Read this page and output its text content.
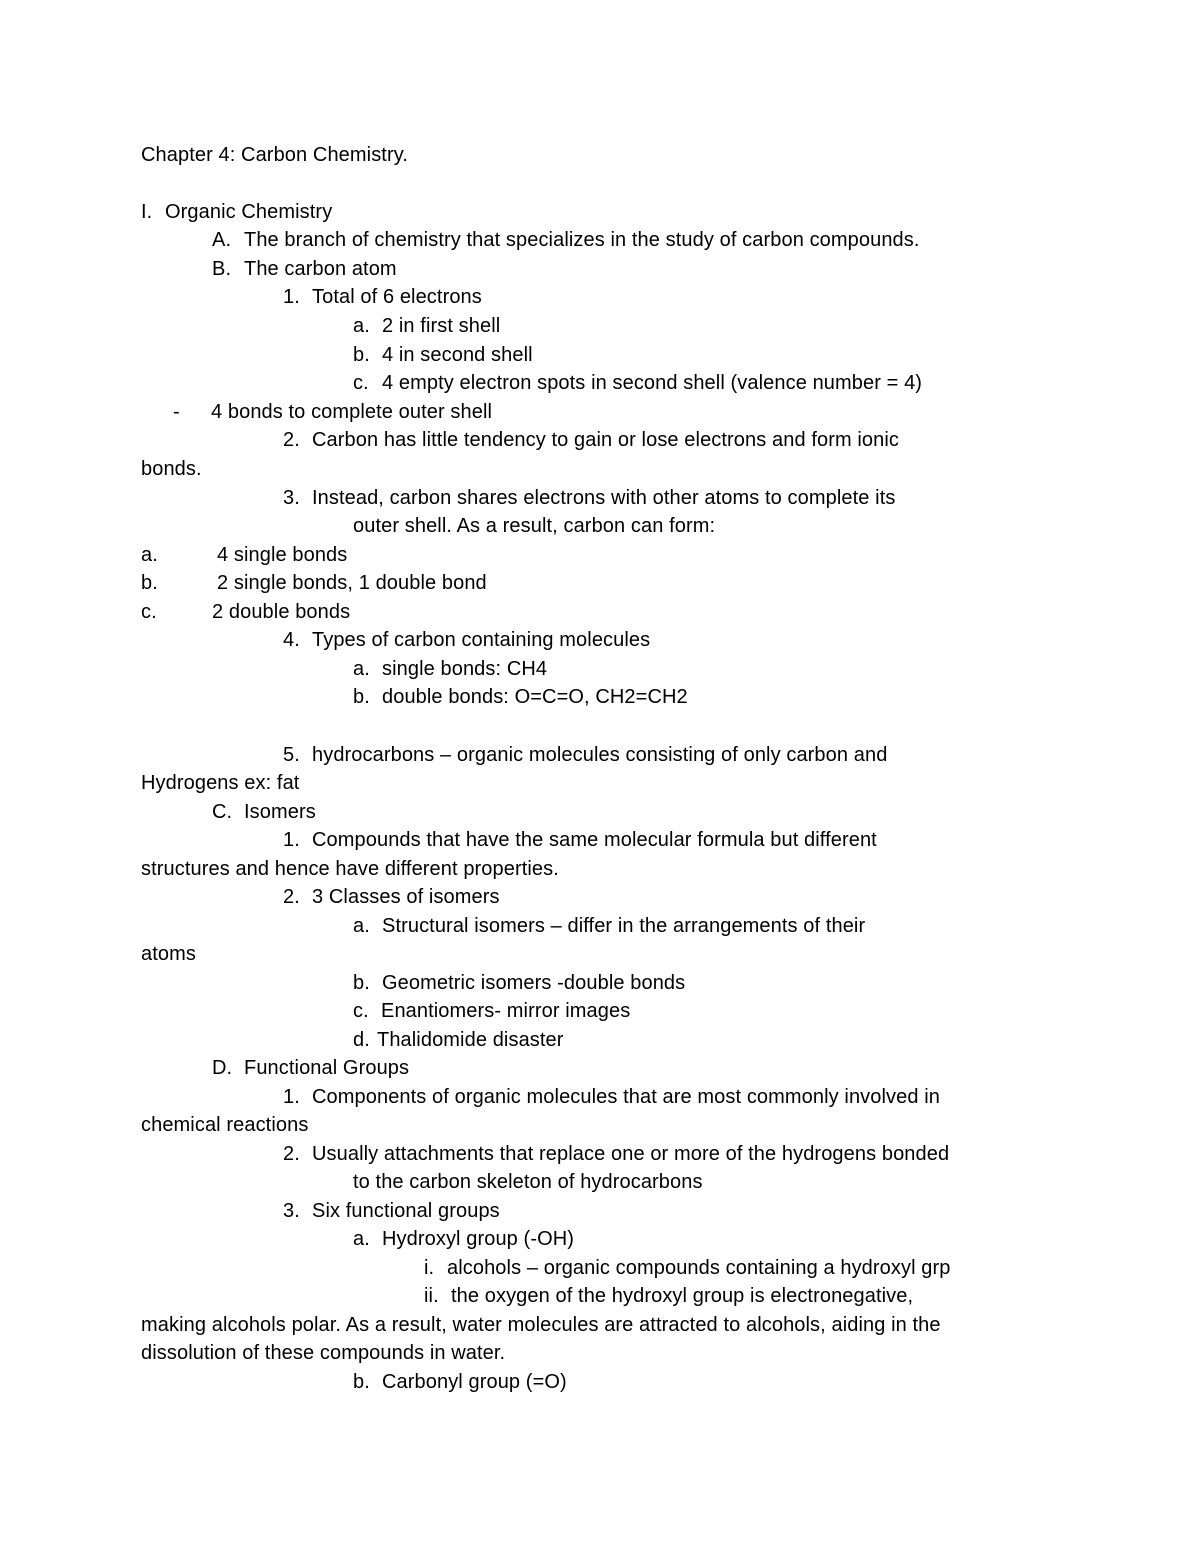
Chapter 4: Carbon Chemistry.
I. Organic Chemistry
A. The branch of chemistry that specializes in the study of carbon compounds.
B. The carbon atom
1. Total of 6 electrons
a. 2 in first shell
b. 4 in second shell
c. 4 empty electron spots in second shell (valence number = 4)
- 4 bonds to complete outer shell
2. Carbon has little tendency to gain or lose electrons and form ionic
bonds.
3. Instead, carbon shares electrons with other atoms to complete its
outer shell. As a result, carbon can form:
a.	4 single bonds
b.	2 single bonds, 1 double bond
c.	2 double bonds
4. Types of carbon containing molecules
a. single bonds: CH4
b. double bonds: O=C=O, CH2=CH2
5. hydrocarbons – organic molecules consisting of only carbon and
Hydrogens ex: fat
C. Isomers
1. Compounds that have the same molecular formula but different
structures and hence have different properties.
2. 3 Classes of isomers
a. Structural isomers – differ in the arrangements of their
atoms
b. Geometric isomers -double bonds
c. Enantiomers- mirror images
d. Thalidomide disaster
D. Functional Groups
1. Components of organic molecules that are most commonly involved in
chemical reactions
2. Usually attachments that replace one or more of the hydrogens bonded
to the carbon skeleton of hydrocarbons
3. Six functional groups
a. Hydroxyl group (-OH)
i. alcohols – organic compounds containing a hydroxyl grp
ii. the oxygen of the hydroxyl group is electronegative,
making alcohols polar. As a result, water molecules are attracted to alcohols, aiding in the
dissolution of these compounds in water.
b. Carbonyl group (=O)
